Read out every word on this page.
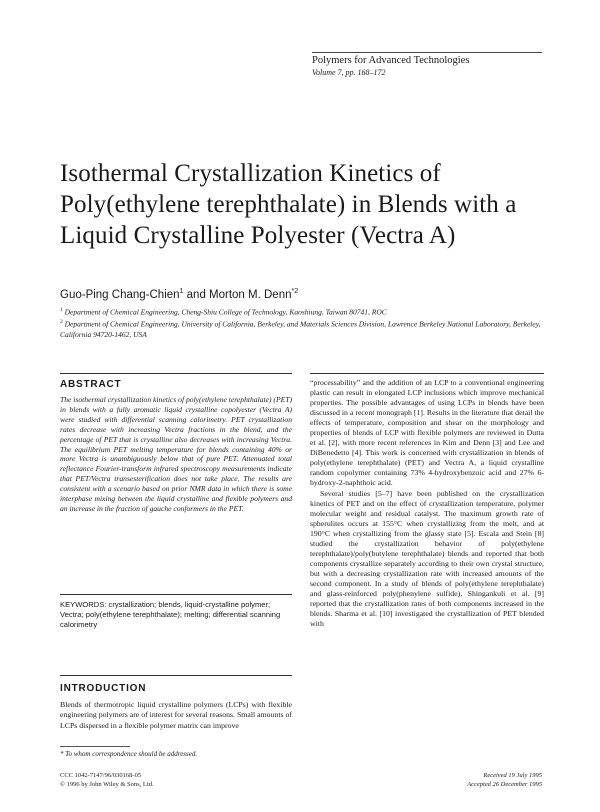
Polymers for Advanced Technologies
Volume 7, pp. 168–172
Isothermal Crystallization Kinetics of Poly(ethylene terephthalate) in Blends with a Liquid Crystalline Polyester (Vectra A)
Guo-Ping Chang-Chien$^1$ and Morton M. Denn$^{*2}$
$^1$ Department of Chemical Engineering, Cheng-Shiu College of Technology, Kaoshiung, Taiwan 80741, ROC
$^2$ Department of Chemical Engineering, University of California, Berkeley, and Materials Sciences Division, Lawrence Berkeley National Laboratory, Berkeley, California 94720-1462, USA
ABSTRACT
The isothermal crystallization kinetics of poly(ethylene terephthalate) (PET) in blends with a fully aromatic liquid crystalline copolyester (Vectra A) were studied with differential scanning calorimetry. PET crystallization rates decrease with increasing Vectra fractions in the blend, and the percentage of PET that is crystalline also decreases with increasing Vectra. The equilibrium PET melting temperature for blends containing 40% or more Vectra is unambiguously below that of pure PET. Attenuated total reflectance Fourier-transform infrared spectroscopy measurements indicate that PET/Vectra transesterification does not take place. The results are consistent with a scenario based on prior NMR data in which there is some interphase mixing between the liquid crystalline and flexible polymers and an increase in the fraction of gauche conformers in the PET.
KEYWORDS: crystallization; blends, liquid-crystalline polymer; Vectra; poly(ethylene terephthalate); melting; differential scanning calorimetry
INTRODUCTION
Blends of thermotropic liquid crystalline polymers (LCPs) with flexible engineering polymers are of interest for several reasons. Small amounts of LCPs dispersed in a flexible polymer matrix can improve
* To whom correspondence should be addressed.
CCC 1042-7147/96/030168-05
© 1996 by John Wiley & Sons, Ltd.
Received 19 July 1995
Accepted 26 December 1995

“processability” and the addition of an LCP to a conventional engineering plastic can result in elongated LCP inclusions which improve mechanical properties. The possible advantages of using LCPs in blends have been discussed in a recent monograph [1]. Results in the literature that detail the effects of temperature, composition and shear on the morphology and properties of blends of LCP with flexible polymers are reviewed in Dutta et al. [2], with more recent references in Kim and Denn [3] and Lee and DiBenedetto [4]. This work is concerned with crystallization in blends of poly(ethylene terephthalate) (PET) and Vectra A, a liquid crystalline random copolymer containing 73% 4-hydroxybenzoic acid and 27% 6-hydroxy-2-naphthoic acid.

Several studies [5–7] have been published on the crystallization kinetics of PET and on the effect of crystallization temperature, polymer molecular weight and residual catalyst. The maximum growth rate of spherulites occurs at 155°C when crystallizing from the melt, and at 190°C when crystallizing from the glassy state [5]. Escala and Stein [8] studied the crystallization behavior of poly(ethylene terephthalate)/poly(butylene terephthalate) blends and reported that both components crystallize separately according to their own crystal structure, but with a decreasing crystallization rate with increased amounts of the second component. In a study of blends of poly(ethylene terephthalate) and glass-reinforced poly(phenylene sulfide), Shingankuli et al. [9] reported that the crystallization rates of both components increased in the blends. Sharma et al. [10] investigated the crystallization of PET blended with
